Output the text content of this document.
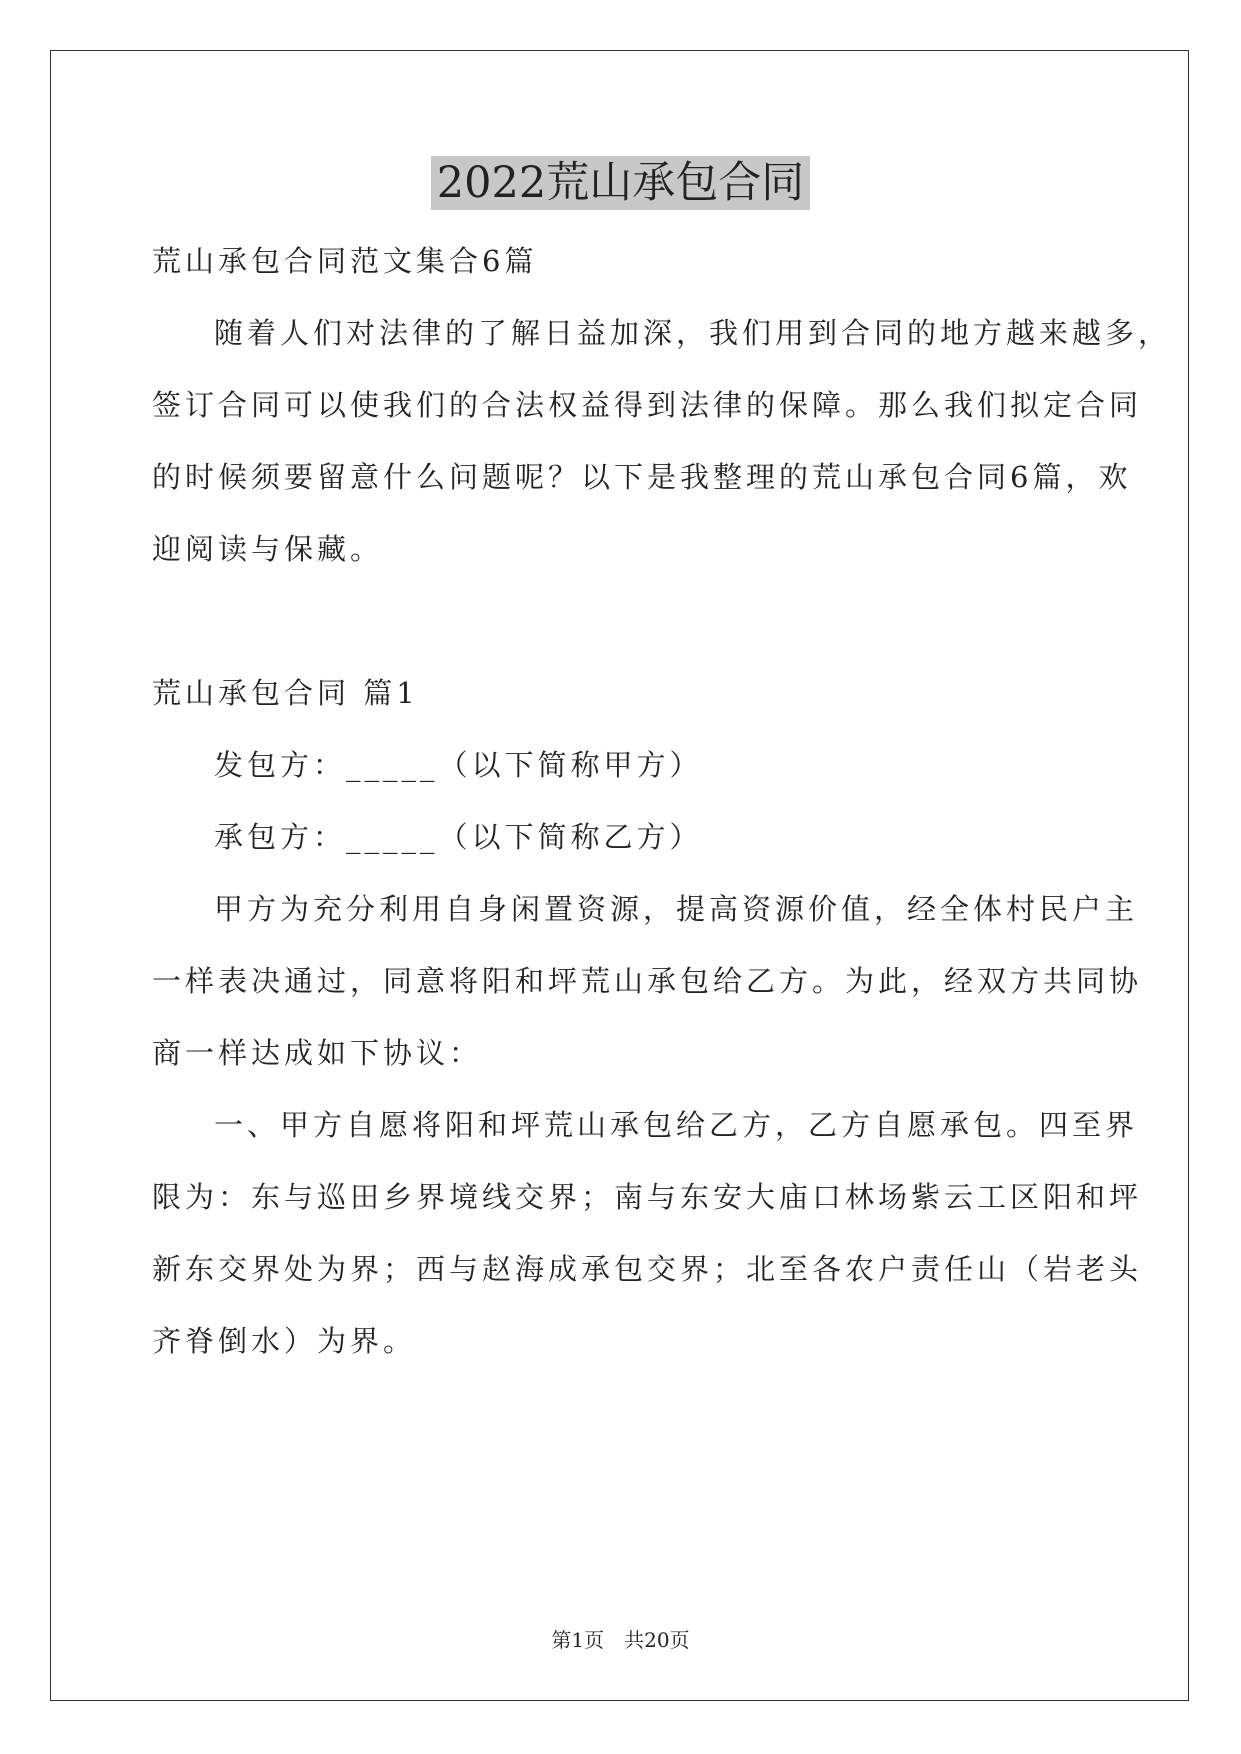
2022荒山承包合同
荒山承包合同范文集合6篇
随着人们对法律的了解日益加深，我们用到合同的地方越来越多，
签订合同可以使我们的合法权益得到法律的保障。那么我们拟定合同
的时候须要留意什么问题呢？以下是我整理的荒山承包合同6篇，欢
迎阅读与保藏。
荒山承包合同 篇1
发包方：_____（以下简称甲方）
承包方：_____（以下简称乙方）
甲方为充分利用自身闲置资源，提高资源价值，经全体村民户主
一样表决通过，同意将阳和坪荒山承包给乙方。为此，经双方共同协
商一样达成如下协议：
一、甲方自愿将阳和坪荒山承包给乙方，乙方自愿承包。四至界
限为：东与巡田乡界境线交界；南与东安大庙口林场紫云工区阳和坪
新东交界处为界；西与赵海成承包交界；北至各农户责任山（岩老头
齐脊倒水）为界。
第1页　共20页
